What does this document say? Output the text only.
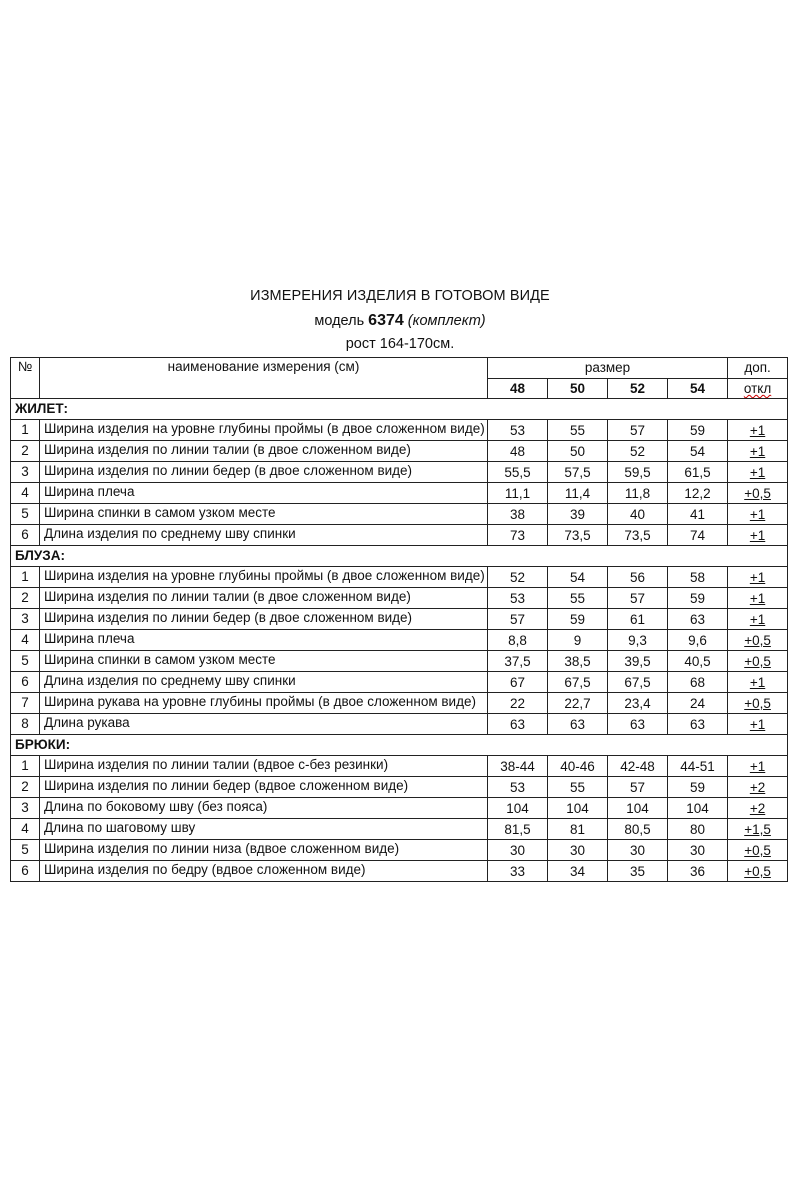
ИЗМЕРЕНИЯ ИЗДЕЛИЯ В ГОТОВОМ ВИДЕ
модель 6374 (комплект)
рост 164-170см.
№	наименование измерения (см)	размер				доп.
		48	50	52	54	откл
ЖИЛЕТ:						
1	Ширина изделия на уровне глубины проймы (в двое сложенном виде)	53	55	57	59	+1
2	Ширина изделия по линии талии (в двое сложенном виде)	48	50	52	54	+1
3	Ширина изделия по линии бедер (в двое сложенном виде)	55,5	57,5	59,5	61,5	+1
4	Ширина плеча	11,1	11,4	11,8	12,2	+0,5
5	Ширина спинки в самом узком месте	38	39	40	41	+1
6	Длина изделия по среднему шву спинки	73	73,5	73,5	74	+1
БЛУЗА:						
1	Ширина изделия на уровне глубины проймы (в двое сложенном виде)	52	54	56	58	+1
2	Ширина изделия по линии талии (в двое сложенном виде)	53	55	57	59	+1
3	Ширина изделия по линии бедер (в двое сложенном виде)	57	59	61	63	+1
4	Ширина плеча	8,8	9	9,3	9,6	+0,5
5	Ширина спинки в самом узком месте	37,5	38,5	39,5	40,5	+0,5
6	Длина изделия по среднему шву спинки	67	67,5	67,5	68	+1
7	Ширина рукава на уровне глубины проймы (в двое сложенном виде)	22	22,7	23,4	24	+0,5
8	Длина рукава	63	63	63	63	+1
БРЮКИ:						
1	Ширина изделия по линии талии (вдвое с-без резинки)	38-44	40-46	42-48	44-51	+1
2	Ширина изделия по линии бедер (вдвое сложенном виде)	53	55	57	59	+2
3	Длина по боковому шву (без пояса)	104	104	104	104	+2
4	Длина по шаговому шву	81,5	81	80,5	80	+1,5
5	Ширина изделия по линии низа (вдвое сложенном виде)	30	30	30	30	+0,5
6	Ширина изделия по бедру (вдвое сложенном виде)	33	34	35	36	+0,5
